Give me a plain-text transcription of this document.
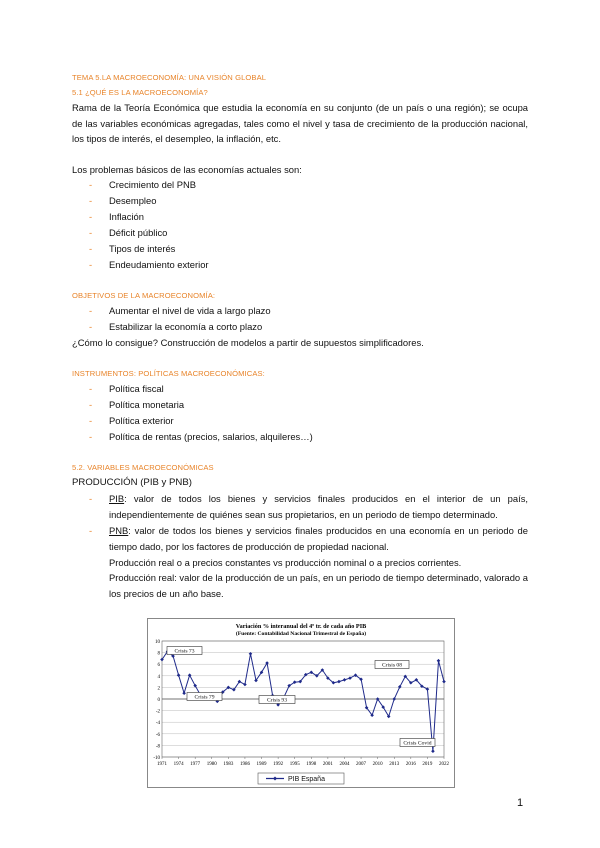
TEMA 5.LA MACROECONOMÍA: UNA VISIÓN GLOBAL
5.1 ¿QUÉ ES LA MACROECONOMÍA?
Rama de la Teoría Económica que estudia la economía en su conjunto (de un país o una región); se ocupa de las variables económicas agregadas, tales como el nivel y tasa de crecimiento de la producción nacional, los tipos de interés, el desempleo, la inflación, etc.
Los problemas básicos de las economías actuales son:
- Crecimiento del PNB
- Desempleo
- Inflación
- Déficit público
- Tipos de interés
- Endeudamiento exterior
OBJETIVOS DE LA MACROECONOMÍA:
- Aumentar el nivel de vida a largo plazo
- Estabilizar la economía a corto plazo
¿Cómo lo consigue? Construcción de modelos a partir de supuestos simplificadores.
INSTRUMENTOS: POLÍTICAS MACROECONÓMICAS:
- Política fiscal
- Política monetaria
- Política exterior
- Política de rentas (precios, salarios, alquileres…)
5.2. VARIABLES MACROECONÓMICAS
PRODUCCIÓN (PIB y PNB)
- PIB: valor de todos los bienes y servicios finales producidos en el interior de un país, independientemente de quiénes sean sus propietarios, en un periodo de tiempo determinado.
- PNB: valor de todos los bienes y servicios finales producidos en una economía en un periodo de tiempo dado, por los factores de producción de propiedad nacional.
Producción real o a precios constantes vs producción nominal o a precios corrientes.
Producción real: valor de la producción de un país, en un periodo de tiempo determinado, valorado a los precios de un año base.
Variación % interanual del 4º tr. de cada año PIB
(Fuente: Contabilidad Nacional Trimestral de España)
10
8
6
4
2
0
-2
-4
-6
-8
-10
1971 1974 1977 1980 1983 1986 1989 1992 1995 1998 2001 2004 2007 2010 2013 2016 2019 2022
Crisis 73
Crisis 79	Crisis 93
Crisis 08
Crisis Covid
PIB España
1
